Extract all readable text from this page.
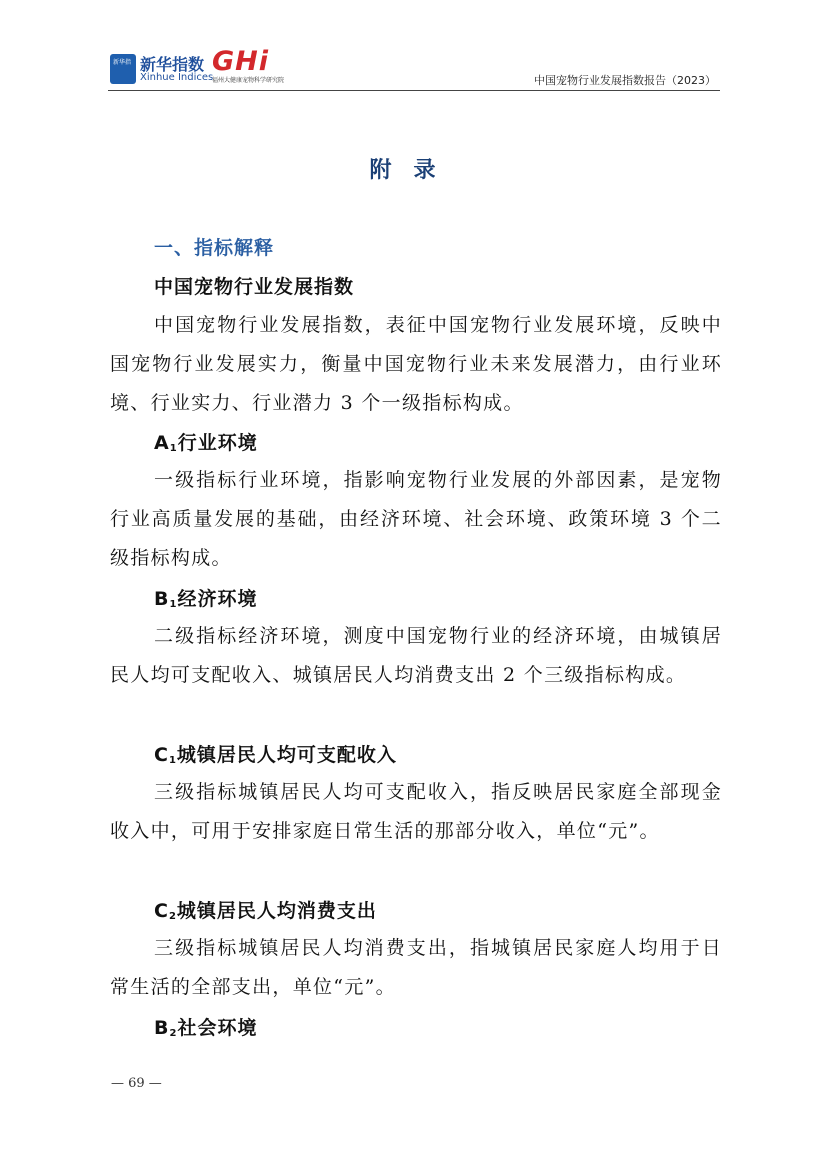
新华指 新华指数
Xinhue Indices
GHi
福州大健康宠物科学研究院	中国宠物行业发展指数报告（2023）
附录
一、指标解释
中国宠物行业发展指数
中国宠物行业发展指数，表征中国宠物行业发展环境，反映中国宠物行业发展实力，衡量中国宠物行业未来发展潜力，由行业环境、行业实力、行业潜力 3 个一级指标构成。
$A_1$行业环境
一级指标行业环境，指影响宠物行业发展的外部因素，是宠物行业高质量发展的基础，由经济环境、社会环境、政策环境 3 个二级指标构成。
$B_1$经济环境
二级指标经济环境，测度中国宠物行业的经济环境，由城镇居民人均可支配收入、城镇居民人均消费支出 2 个三级指标构成。
$C_1$城镇居民人均可支配收入
三级指标城镇居民人均可支配收入，指反映居民家庭全部现金收入中，可用于安排家庭日常生活的那部分收入，单位“元”。
$C_2$城镇居民人均消费支出
三级指标城镇居民人均消费支出，指城镇居民家庭人均用于日常生活的全部支出，单位“元”。
$B_2$社会环境
— 69 —
